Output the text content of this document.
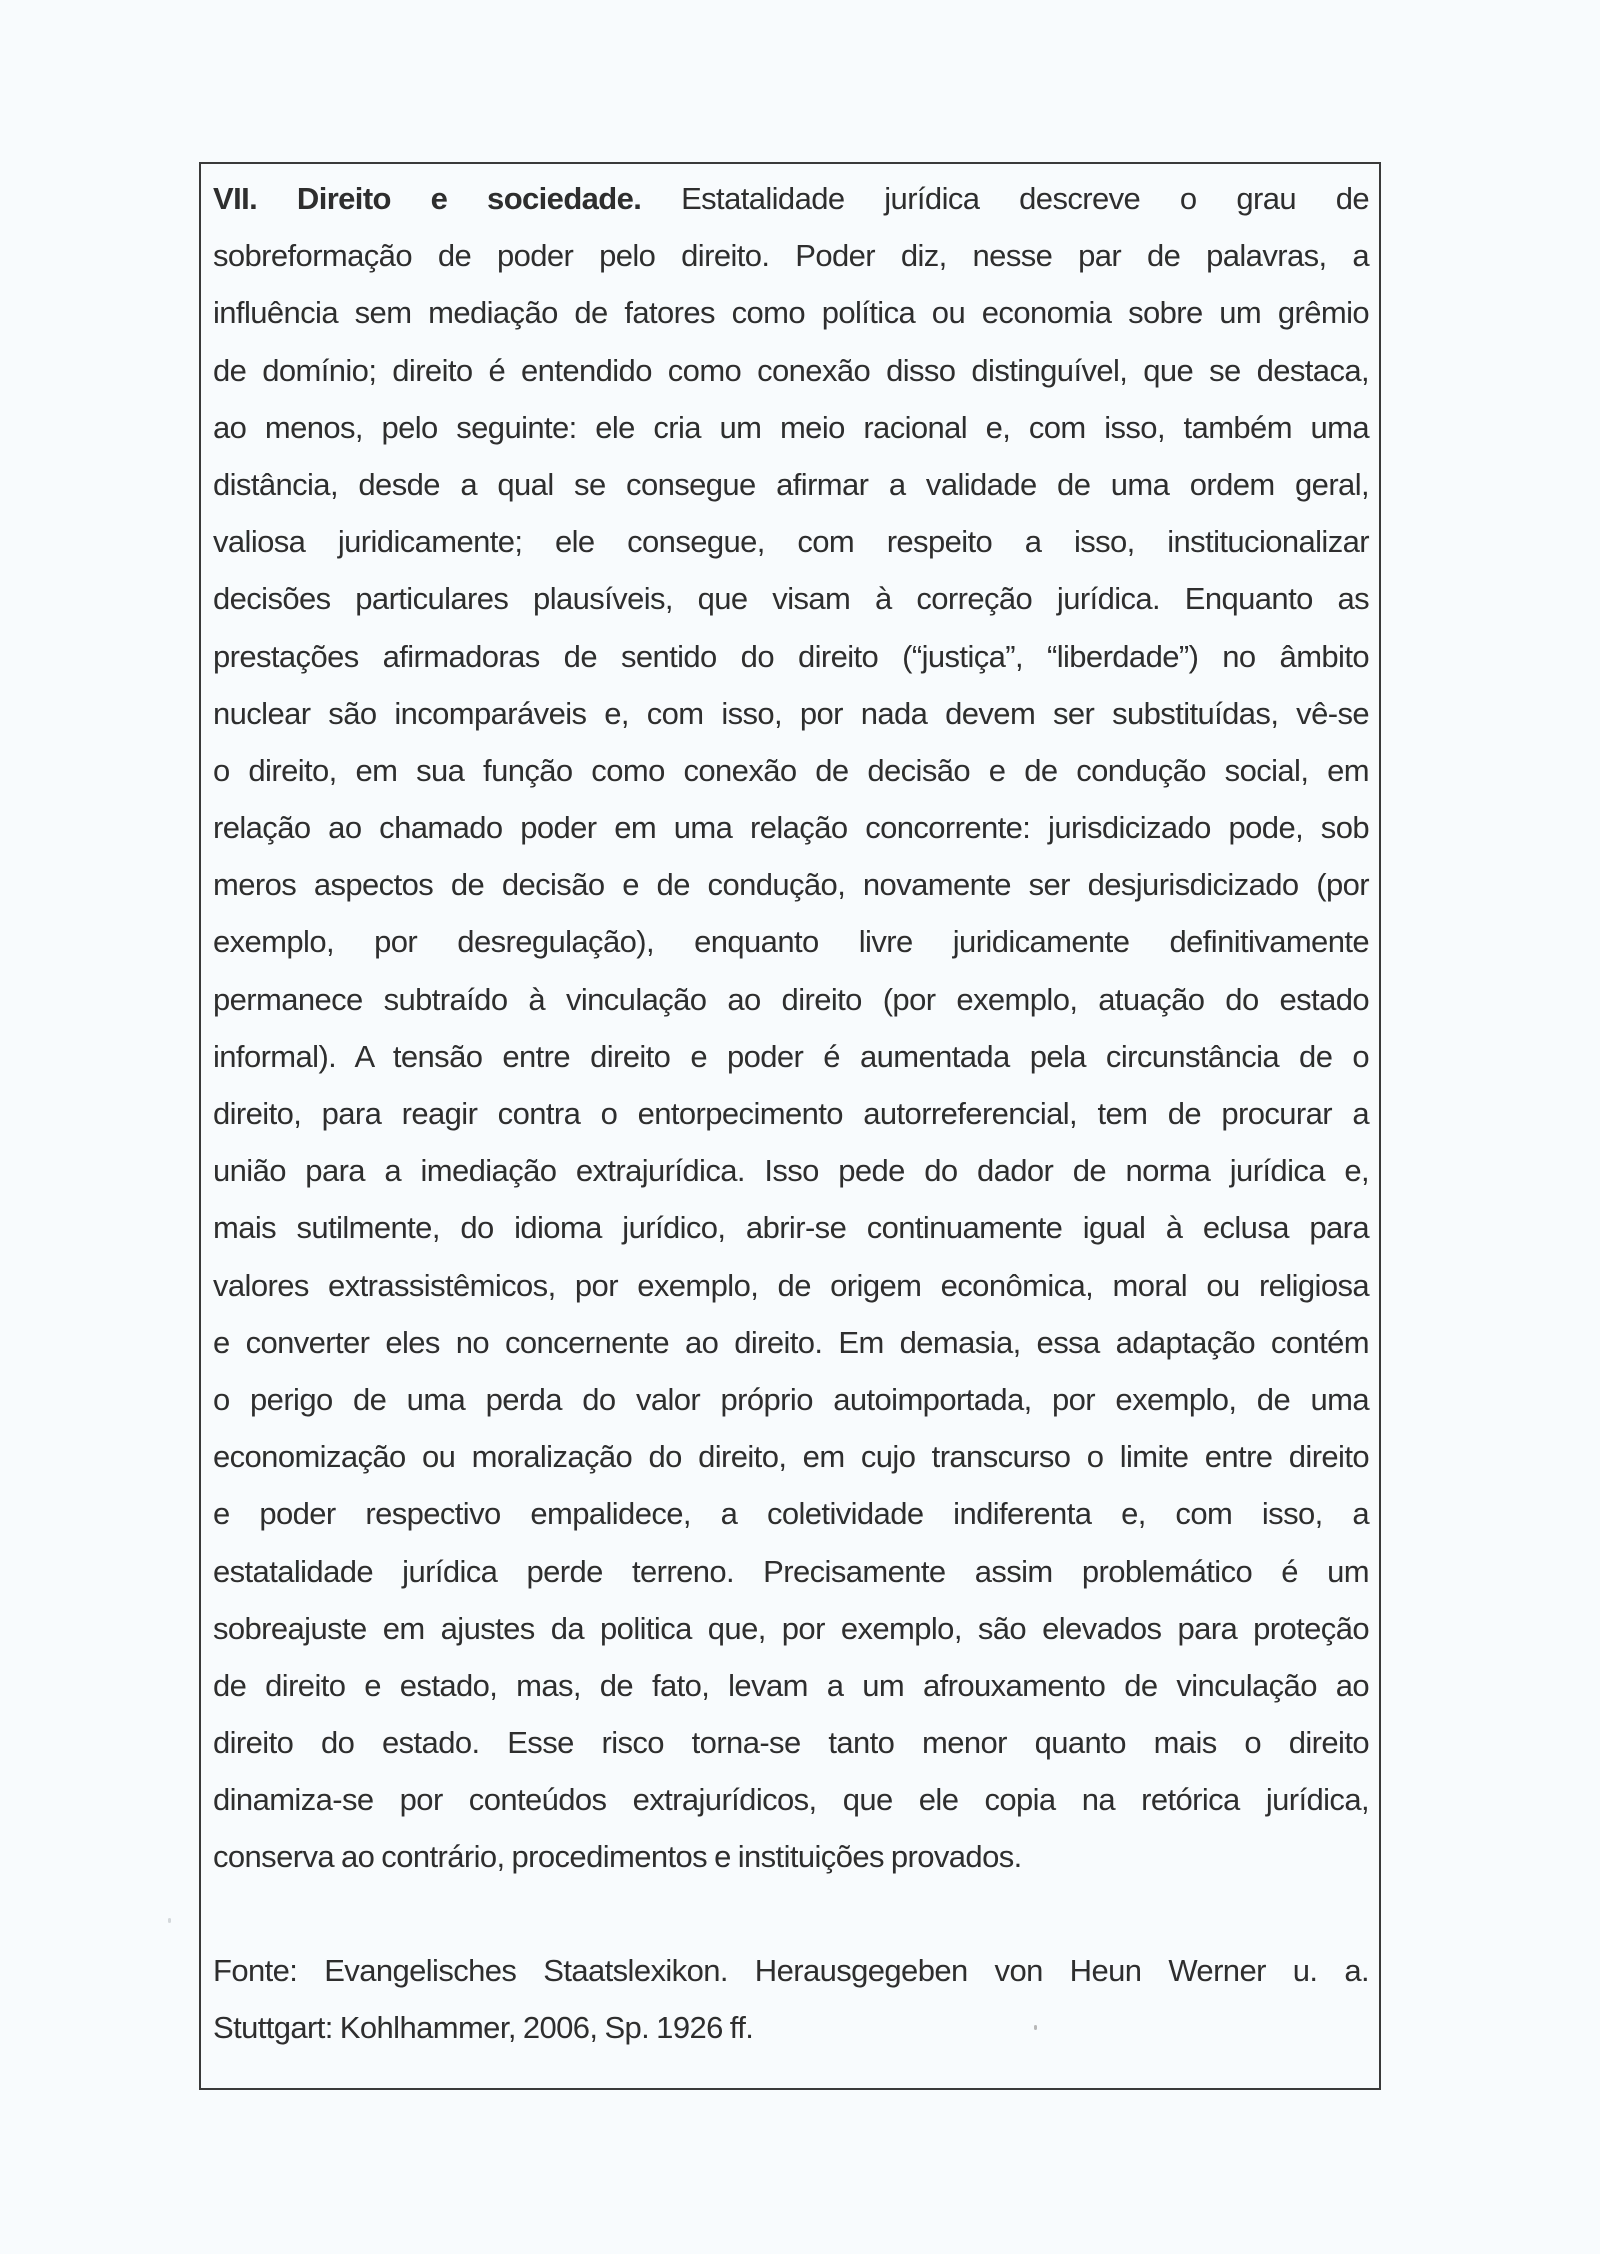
VII. Direito e sociedade. Estatalidade jurídica descreve o grau de
sobreformação de poder pelo direito. Poder diz, nesse par de palavras, a
influência sem mediação de fatores como política ou economia sobre um grêmio
de domínio; direito é entendido como conexão disso distinguível, que se destaca,
ao menos, pelo seguinte: ele cria um meio racional e, com isso, também uma
distância, desde a qual se consegue afirmar a validade de uma ordem geral,
valiosa juridicamente; ele consegue, com respeito a isso, institucionalizar
decisões particulares plausíveis, que visam à correção jurídica. Enquanto as
prestações afirmadoras de sentido do direito (“justiça”, “liberdade”) no âmbito
nuclear são incomparáveis e, com isso, por nada devem ser substituídas, vê-se
o direito, em sua função como conexão de decisão e de condução social, em
relação ao chamado poder em uma relação concorrente: jurisdicizado pode, sob
meros aspectos de decisão e de condução, novamente ser desjurisdicizado (por
exemplo, por desregulação), enquanto livre juridicamente definitivamente
permanece subtraído à vinculação ao direito (por exemplo, atuação do estado
informal). A tensão entre direito e poder é aumentada pela circunstância de o
direito, para reagir contra o entorpecimento autorreferencial, tem de procurar a
união para a imediação extrajurídica. Isso pede do dador de norma jurídica e,
mais sutilmente, do idioma jurídico, abrir-se continuamente igual à eclusa para
valores extrassistêmicos, por exemplo, de origem econômica, moral ou religiosa
e converter eles no concernente ao direito. Em demasia, essa adaptação contém
o perigo de uma perda do valor próprio autoimportada, por exemplo, de uma
economização ou moralização do direito, em cujo transcurso o limite entre direito
e poder respectivo empalidece, a coletividade indiferenta e, com isso, a
estatalidade jurídica perde terreno. Precisamente assim problemático é um
sobreajuste em ajustes da politica que, por exemplo, são elevados para proteção
de direito e estado, mas, de fato, levam a um afrouxamento de vinculação ao
direito do estado. Esse risco torna-se tanto menor quanto mais o direito
dinamiza-se por conteúdos extrajurídicos, que ele copia na retórica jurídica,
conserva ao contrário, procedimentos e instituições provados.
Fonte: Evangelisches Staatslexikon. Herausgegeben von Heun Werner u. a.
Stuttgart: Kohlhammer, 2006, Sp. 1926 ff.
